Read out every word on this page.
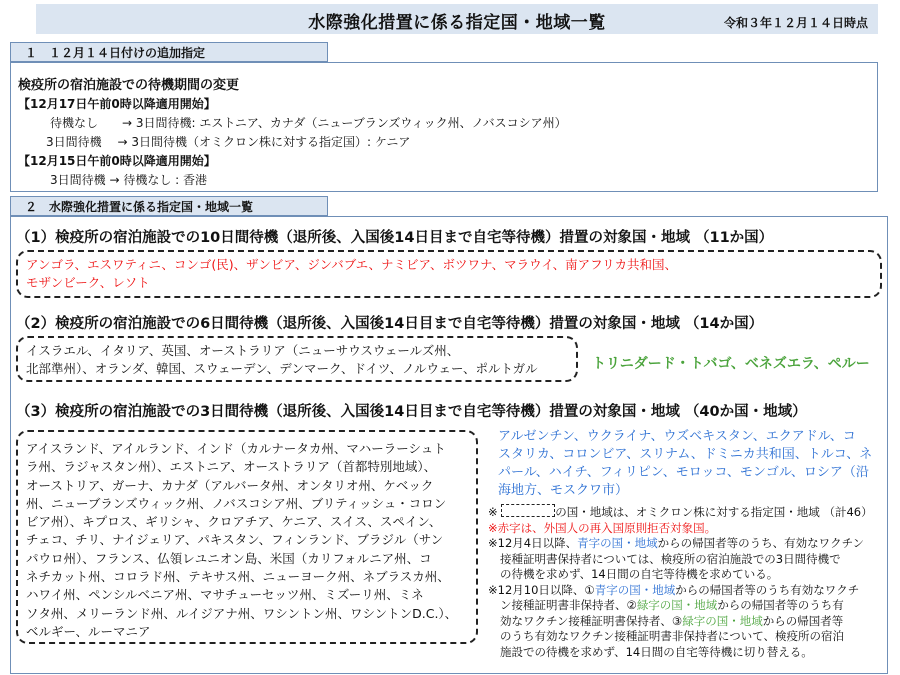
水際強化措置に係る指定国・地域一覧	令和３年１２月１４日時点
１　１２月１４日付けの追加指定
検疫所の宿泊施設での待機期間の変更
【12月17日午前0時以降適用開始】
待機なし　　→ 3日間待機: エストニア、カナダ（ニューブランズウィック州、ノバスコシア州）
3日間待機　 → 3日間待機（オミクロン株に対する指定国）: ケニア
【12月15日午前0時以降適用開始】
3日間待機 → 待機なし : 香港
２　水際強化措置に係る指定国・地域一覧
（1）検疫所の宿泊施設での10日間待機（退所後、入国後14日目まで自宅等待機）措置の対象国・地域 （11か国）
アンゴラ、エスワティニ、コンゴ(民)、ザンビア、ジンバブエ、ナミビア、ボツワナ、マラウイ、南アフリカ共和国、
モザンビーク、レソト
（2）検疫所の宿泊施設での6日間待機（退所後、入国後14日目まで自宅等待機）措置の対象国・地域 （14か国）
イスラエル、イタリア、英国、オーストラリア（ニューサウスウェールズ州、
北部準州）、オランダ、韓国、スウェーデン、デンマーク、ドイツ、ノルウェー、ポルトガル	トリニダード・トバゴ、ベネズエラ、ペルー
（3）検疫所の宿泊施設での3日間待機（退所後、入国後14日目まで自宅等待機）措置の対象国・地域 （40か国・地域）
アイスランド、アイルランド、インド（カルナータカ州、マハーラーシュト
ラ州、ラジャスタン州）、エストニア、オーストラリア（首都特別地域）、
オーストリア、ガーナ、カナダ（アルバータ州、オンタリオ州、ケベック
州、ニューブランズウィック州、ノバスコシア州、ブリティッシュ・コロン
ビア州）、キプロス、ギリシャ、クロアチア、ケニア、スイス、スペイン、
チェコ、チリ、ナイジェリア、パキスタン、フィンランド、ブラジル（サン
パウロ州）、フランス、仏領レユニオン島、米国（カリフォルニア州、コ
ネチカット州、コロラド州、テキサス州、ニューヨーク州、ネブラスカ州、
ハワイ州、ペンシルベニア州、マサチューセッツ州、ミズーリ州、ミネ
ソタ州、メリーランド州、ルイジアナ州、ワシントン州、ワシントンD.C.）、
ベルギー、ルーマニア
アルゼンチン、ウクライナ、ウズベキスタン、エクアドル、コ
スタリカ、コロンビア、スリナム、ドミニカ共和国、トルコ、ネ
パール、ハイチ、フィリピン、モロッコ、モンゴル、ロシア（沿
海地方、モスクワ市）
※	の国・地域は、オミクロン株に対する指定国・地域 （計46）
※赤字は、外国人の再入国原則拒否対象国。
※12月4日以降、青字の国・地域からの帰国者等のうち、有効なワクチン
接種証明書保持者については、検疫所の宿泊施設での3日間待機で
の待機を求めず、14日間の自宅等待機を求めている。
※12月10日以降、①青字の国・地域からの帰国者等のうち有効なワクチ
ン接種証明書非保持者、②緑字の国・地域からの帰国者等のうち有
効なワクチン接種証明書保持者、③緑字の国・地域からの帰国者等
のうち有効なワクチン接種証明書非保持者について、検疫所の宿泊
施設での待機を求めず、14日間の自宅等待機に切り替える。
